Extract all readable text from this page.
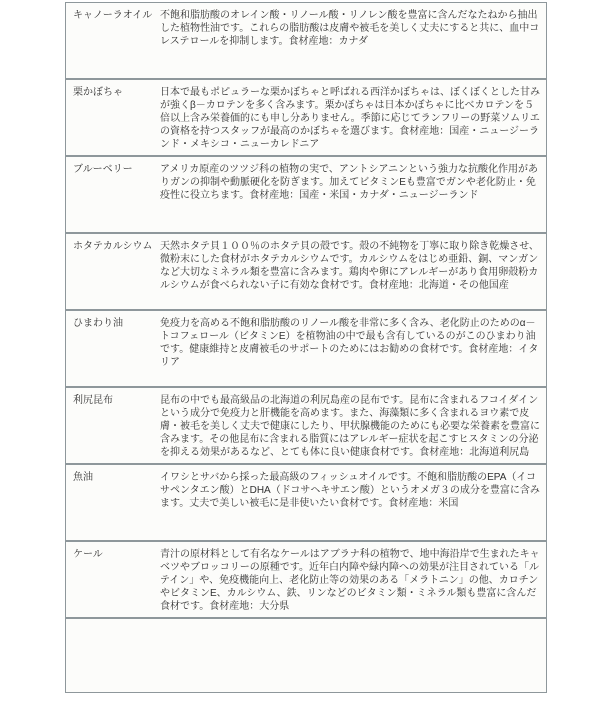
キャノーラオイル 不飽和脂肪酸のオレイン酸・リノール酸・リノレン酸を豊富に含んだなたねから抽出した植物性油です。これらの脂肪酸は皮膚や被毛を美しく丈夫にすると共に、血中コレステロールを抑制します。食材産地：カナダ
栗かぼちゃ	日本で最もポピュラーな栗かぼちゃと呼ばれる西洋かぼちゃは、ぼくぼくとした甘みが強くβ－カロテンを多く含みます。栗かぼちゃは日本かぼちゃに比べカロテンを５倍以上含み栄養価的にも申し分ありません。季節に応じてランフリーの野菜ソムリエの資格を持つスタッフが最高のかぼちゃを選びます。食材産地：国産・ニュージーランド・メキシコ・ニューカレドニア
ブルーベリー	アメリカ原産のツツジ科の植物の実で、アントシアニンという強力な抗酸化作用がありガンの抑制や動脈硬化を防ぎます。加えてビタミンEも豊富でガンや老化防止・免疫性に役立ちます。食材産地：国産・米国・カナダ・ニュージーランド
ホタテカルシウム 天然ホタテ貝１００％のホタテ貝の殻です。殻の不純物を丁寧に取り除き乾燥させ、微粉末にした食材がホタテカルシウムです。カルシウムをはじめ亜鉛、銅、マンガンなど大切なミネラル類を豊富に含みます。鶏肉や卵にアレルギーがあり食用卵殻粉カルシウムが食べられない子に有効な食材です。食材産地：北海道・その他国産
ひまわり油	免疫力を高める不飽和脂肪酸のリノール酸を非常に多く含み、老化防止のためのα－トコフェロール（ビタミンE）を植物油の中で最も含有しているのがこのひまわり油です。健康維持と皮膚被毛のサポートのためにはお勧めの食材です。食材産地：イタリア
利尻昆布	昆布の中でも最高級品の北海道の利尻島産の昆布です。昆布に含まれるフコイダインという成分で免疫力と肝機能を高めます。また、海藻類に多く含まれるヨウ素で皮膚・被毛を美しく丈夫で健康にしたり、甲状腺機能のためにも必要な栄養素を豊富に含みます。その他昆布に含まれる脂質にはアレルギー症状を起こすヒスタミンの分泌を抑える効果があるなど、とても体に良い健康食材です。食材産地：北海道利尻島
魚油	イワシとサバから採った最高級のフィッシュオイルです。不飽和脂肪酸のEPA（イコサペンタエン酸）とDHA（ドコサヘキサエン酸）というオメガ３の成分を豊富に含みます。丈夫で美しい被毛に是非使いたい食材です。食材産地：米国
ケール	青汁の原材料として有名なケールはアブラナ科の植物で、地中海沿岸で生まれたキャベツやブロッコリーの原種です。近年白内障や緑内障への効果が注目されている「ルテイン」や、免疫機能向上、老化防止等の効果のある「メラトニン」の他、カロチンやビタミンE、カルシウム、鉄、リンなどのビタミン類・ミネラル類も豊富に含んだ食材です。食材産地：大分県
